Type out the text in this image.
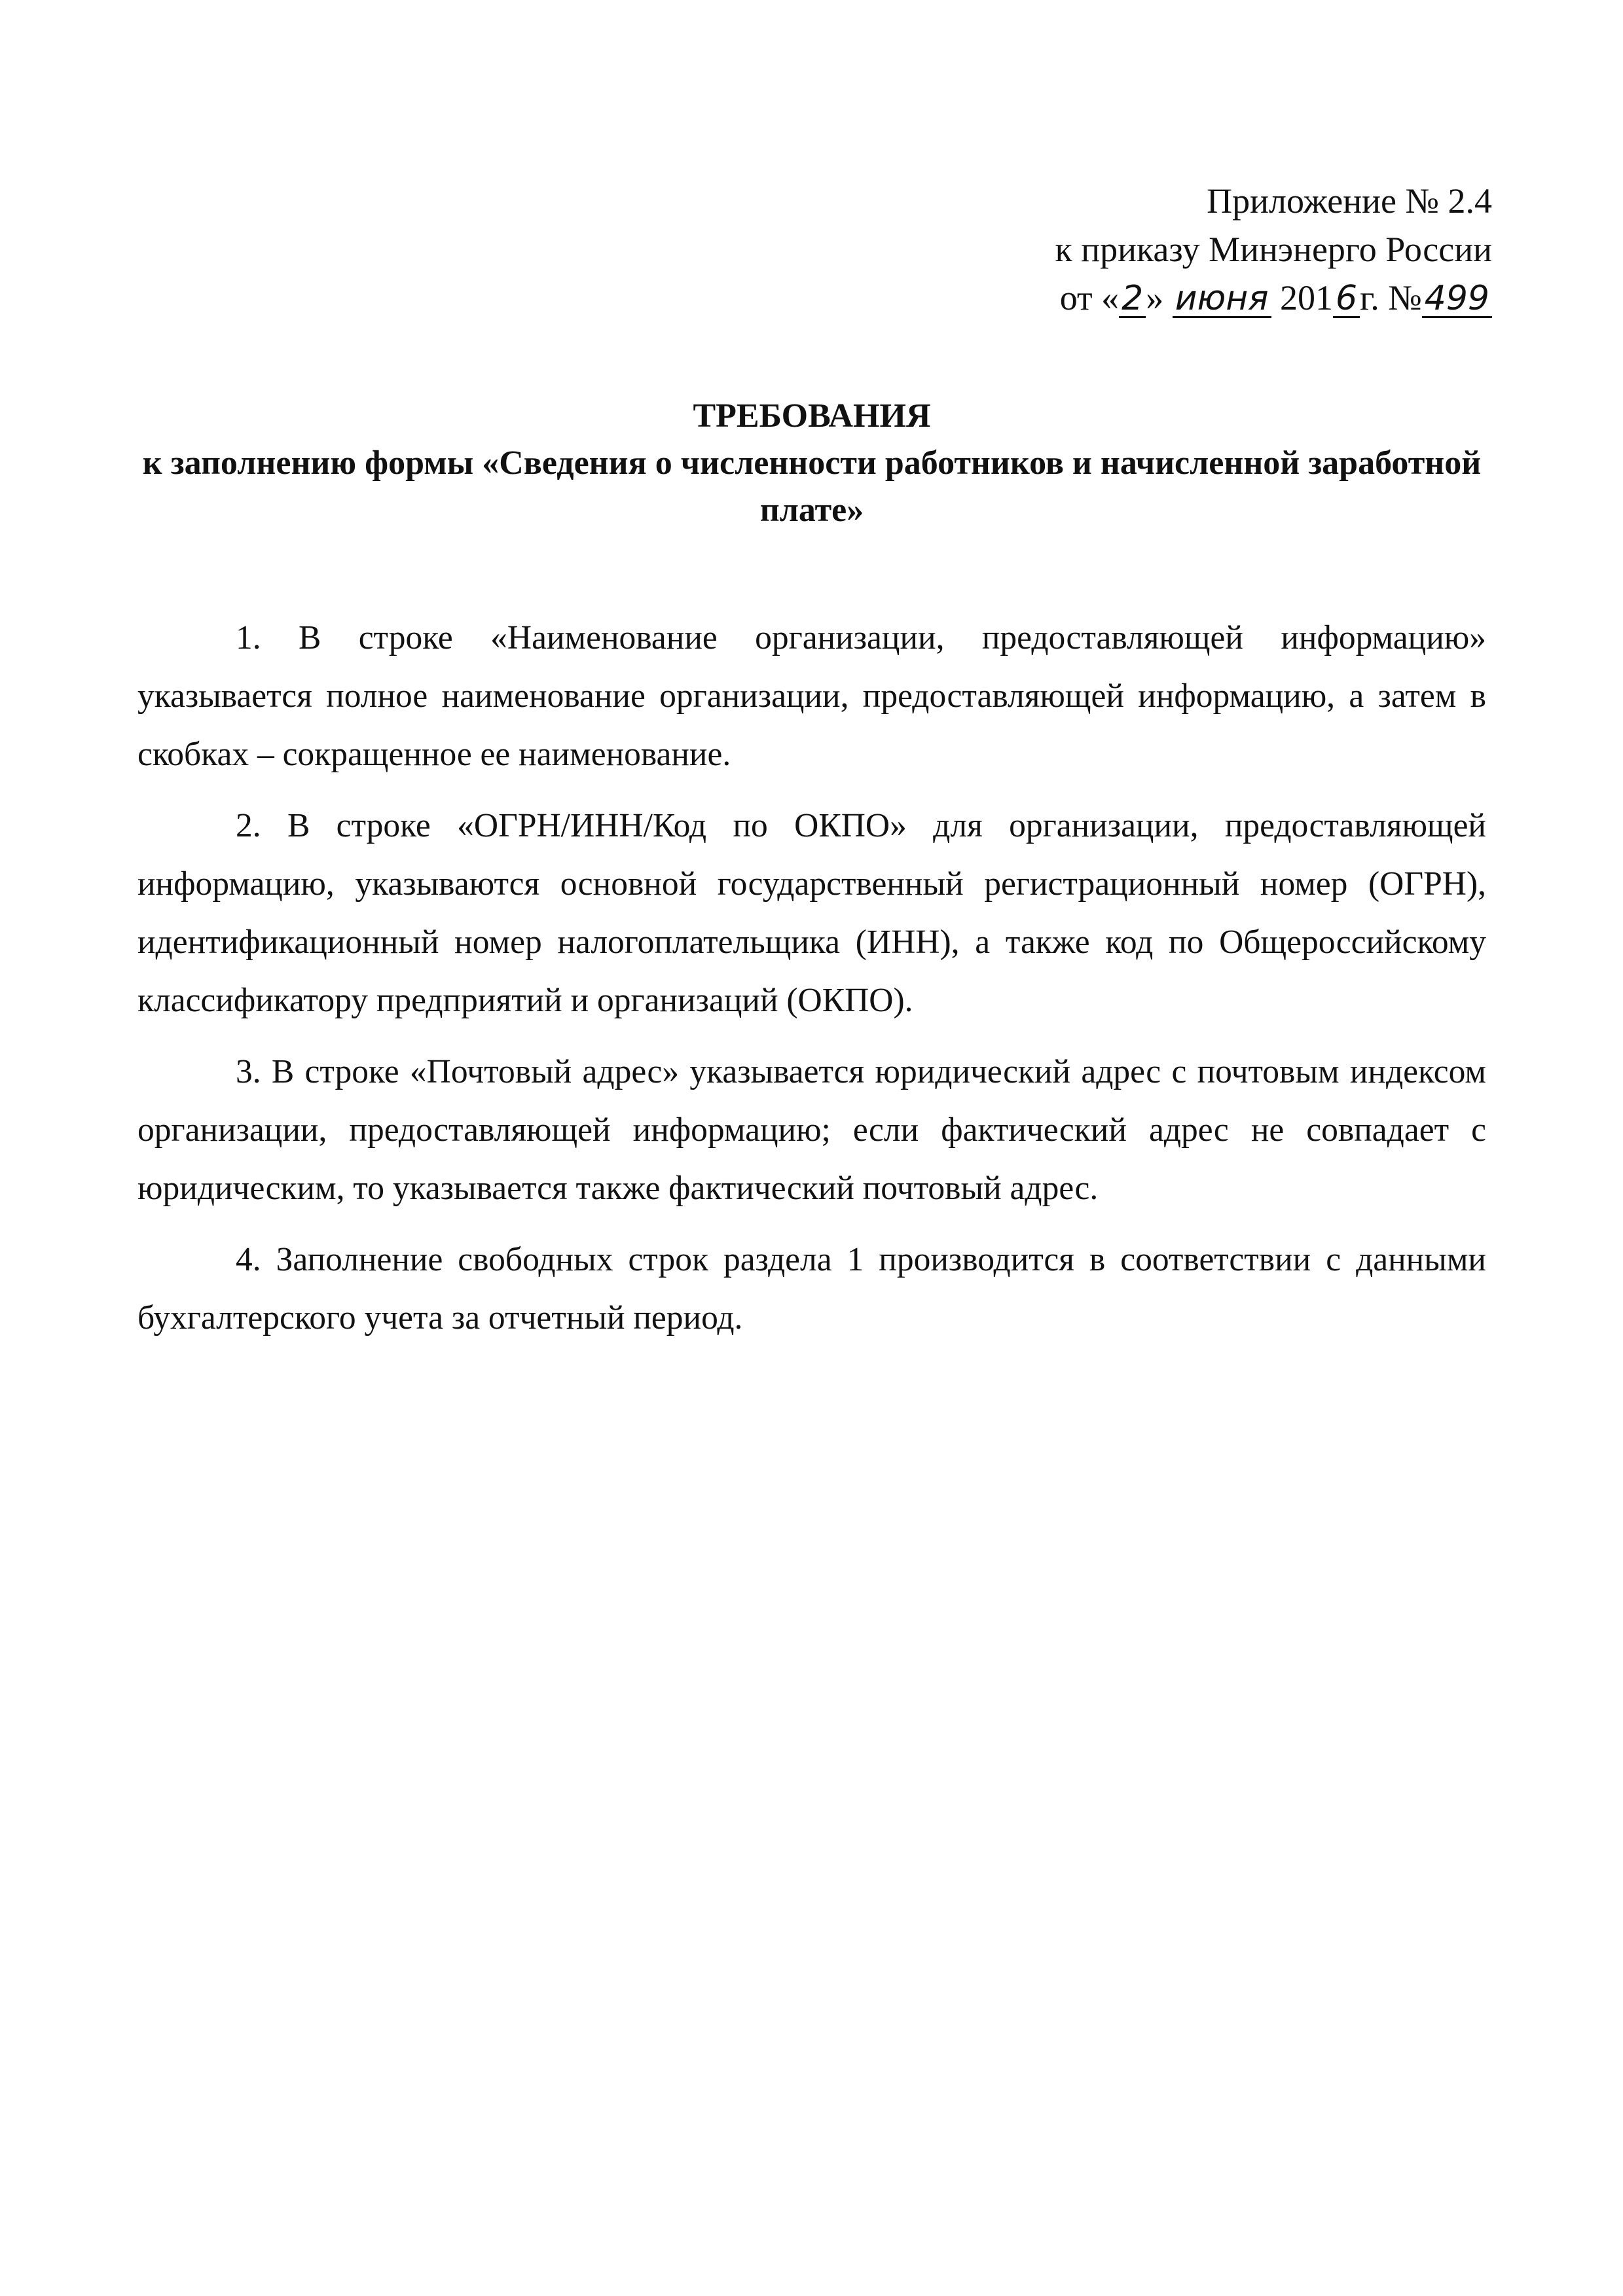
Приложение № 2.4
к приказу Минэнерго России
от «2» июня 2016г. №499
ТРЕБОВАНИЯ
к заполнению формы «Сведения о численности работников и начисленной заработной плате»

1. В строке «Наименование организации, предоставляющей информацию» указывается полное наименование организации, предоставляющей информацию, а затем в скобках – сокращенное ее наименование.

2. В строке «ОГРН/ИНН/Код по ОКПО» для организации, предоставляющей информацию, указываются основной государственный регистрационный номер (ОГРН), идентификационный номер налогоплательщика (ИНН), а также код по Общероссийскому классификатору предприятий и организаций (ОКПО).

3. В строке «Почтовый адрес» указывается юридический адрес с почтовым индексом организации, предоставляющей информацию; если фактический адрес не совпадает с юридическим, то указывается также фактический почтовый адрес.

4. Заполнение свободных строк раздела 1 производится в соответствии с данными бухгалтерского учета за отчетный период.
